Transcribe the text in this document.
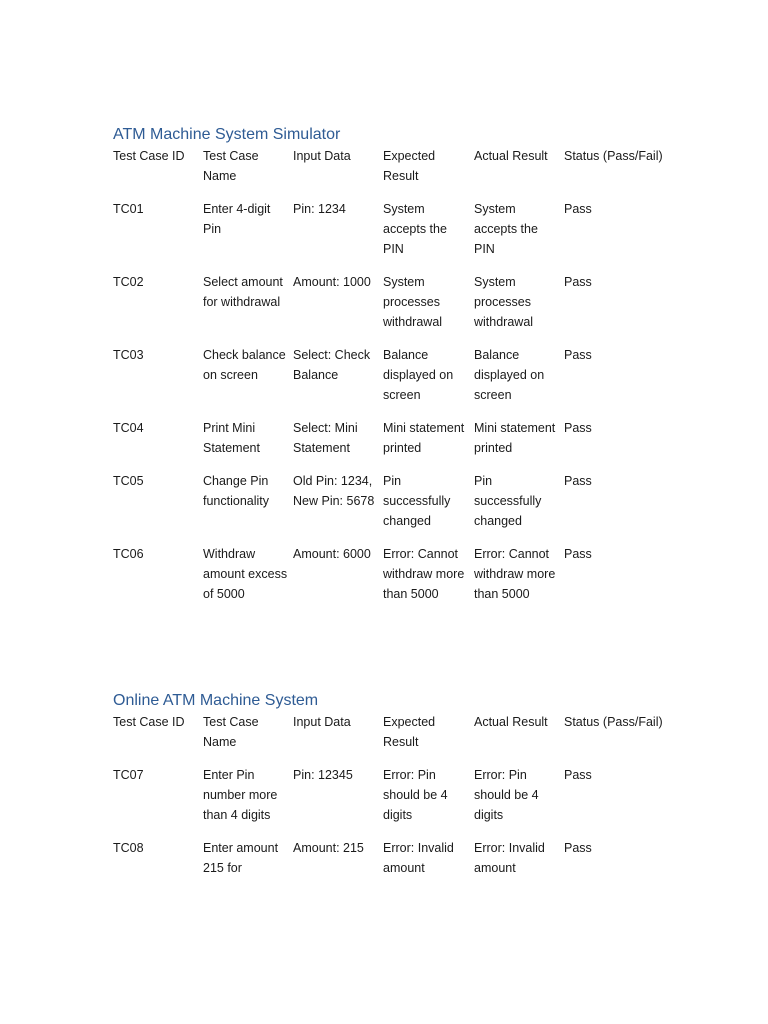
ATM Machine System Simulator
Test Case ID	Test Case Name	Input Data	Expected Result	Actual Result	Status (Pass/Fail)
TC01	Enter 4-digit Pin	Pin: 1234	System accepts the PIN	System accepts the PIN	Pass
TC02	Select amount for withdrawal	Amount: 1000	System processes withdrawal	System processes withdrawal	Pass
TC03	Check balance on screen	Select: Check Balance	Balance displayed on screen	Balance displayed on screen	Pass
TC04	Print Mini Statement	Select: Mini Statement	Mini statement printed	Mini statement printed	Pass
TC05	Change Pin functionality	Old Pin: 1234, New Pin: 5678	Pin successfully changed	Pin successfully changed	Pass
TC06	Withdraw amount excess of 5000	Amount: 6000	Error: Cannot withdraw more than 5000	Error: Cannot withdraw more than 5000	Pass
Online ATM Machine System
Test Case ID	Test Case Name	Input Data	Expected Result	Actual Result	Status (Pass/Fail)
TC07	Enter Pin number more than 4 digits	Pin: 12345	Error: Pin should be 4 digits	Error: Pin should be 4 digits	Pass
TC08	Enter amount 215 for	Amount: 215	Error: Invalid amount	Error: Invalid amount	Pass
